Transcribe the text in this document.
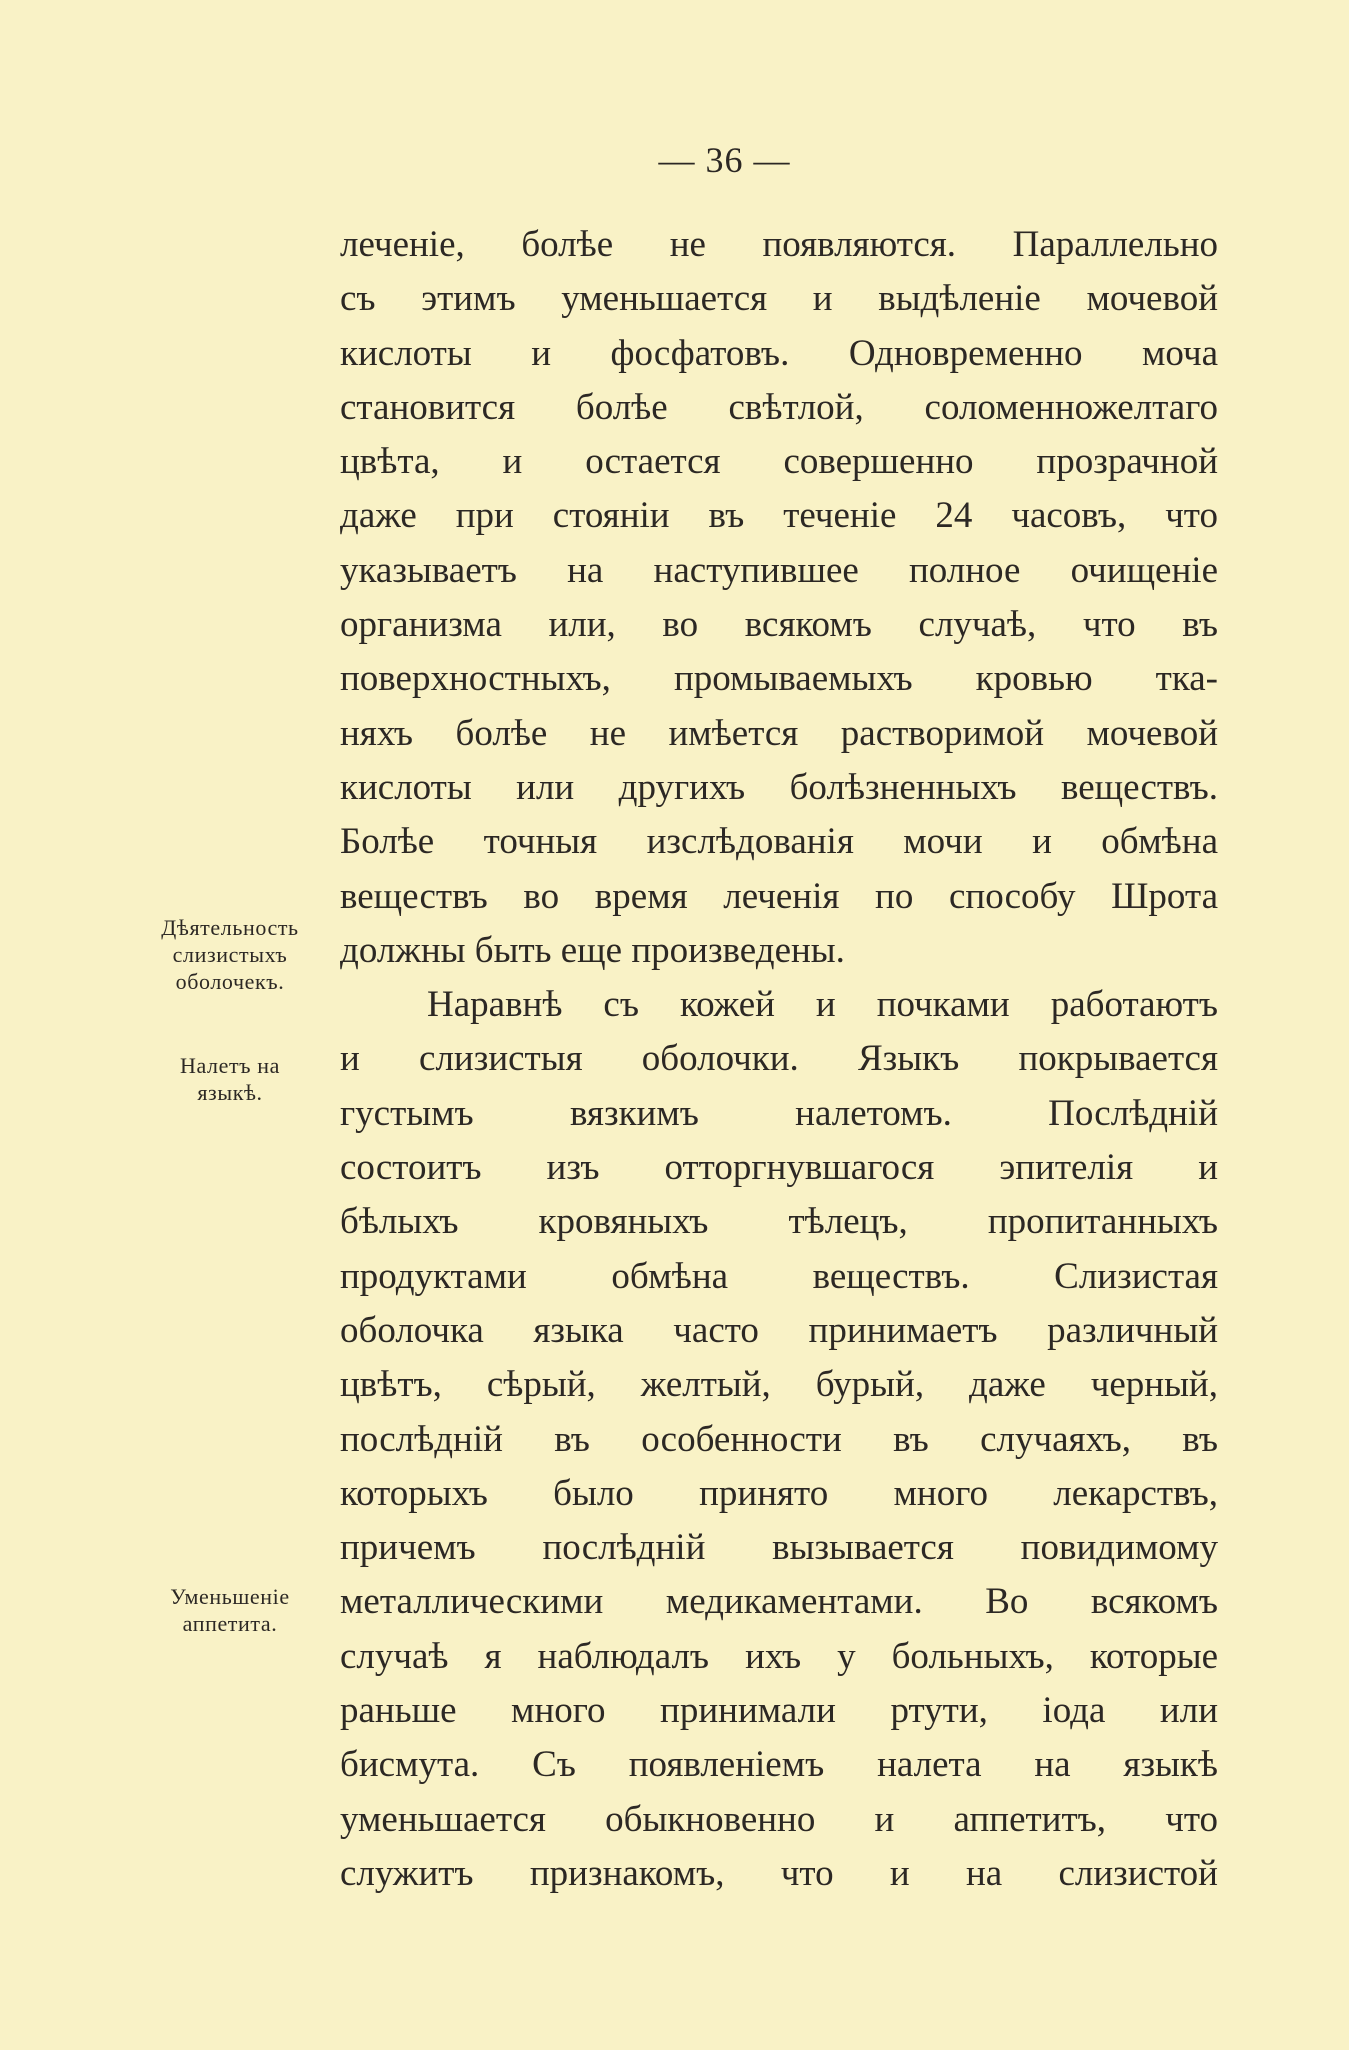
— 36 —
леченіе, болѣе не появляются. Параллельно
съ этимъ уменьшается и выдѣленіе мочевой
кислоты и фосфатовъ. Одновременно моча
становится болѣе свѣтлой, соломенножелтаго
цвѣта, и остается совершенно прозрачной
даже при стояніи въ теченіе 24 часовъ, что
указываетъ на наступившее полное очищеніе
организма или, во всякомъ случаѣ, что въ
поверхностныхъ, промываемыхъ кровью тка-
няхъ болѣе не имѣется растворимой мочевой
кислоты или другихъ болѣзненныхъ веществъ.
Болѣе точныя изслѣдованія мочи и обмѣна
веществъ во время леченія по способу Шрота
должны быть еще произведены.
Наравнѣ съ кожей и почками работаютъ
и слизистыя оболочки. Языкъ покрывается
густымъ вязкимъ налетомъ. Послѣдній
состоитъ изъ отторгнувшагося эпителія и
бѣлыхъ кровяныхъ тѣлецъ, пропитанныхъ
продуктами обмѣна веществъ. Слизистая
оболочка языка часто принимаетъ различный
цвѣтъ, сѣрый, желтый, бурый, даже черный,
послѣдній въ особенности въ случаяхъ, въ
которыхъ было принято много лекарствъ,
причемъ послѣдній вызывается повидимому
металлическими медикаментами. Во всякомъ
случаѣ я наблюдалъ ихъ у больныхъ, которые
раньше много принимали ртути, іода или
бисмута. Съ появленіемъ налета на языкѣ
уменьшается обыкновенно и аппетитъ, что
служитъ признакомъ, что и на слизистой
Дѣятельность
слизистыхъ
оболочекъ.
Налетъ на
языкѣ.
Уменьшеніе
аппетита.
